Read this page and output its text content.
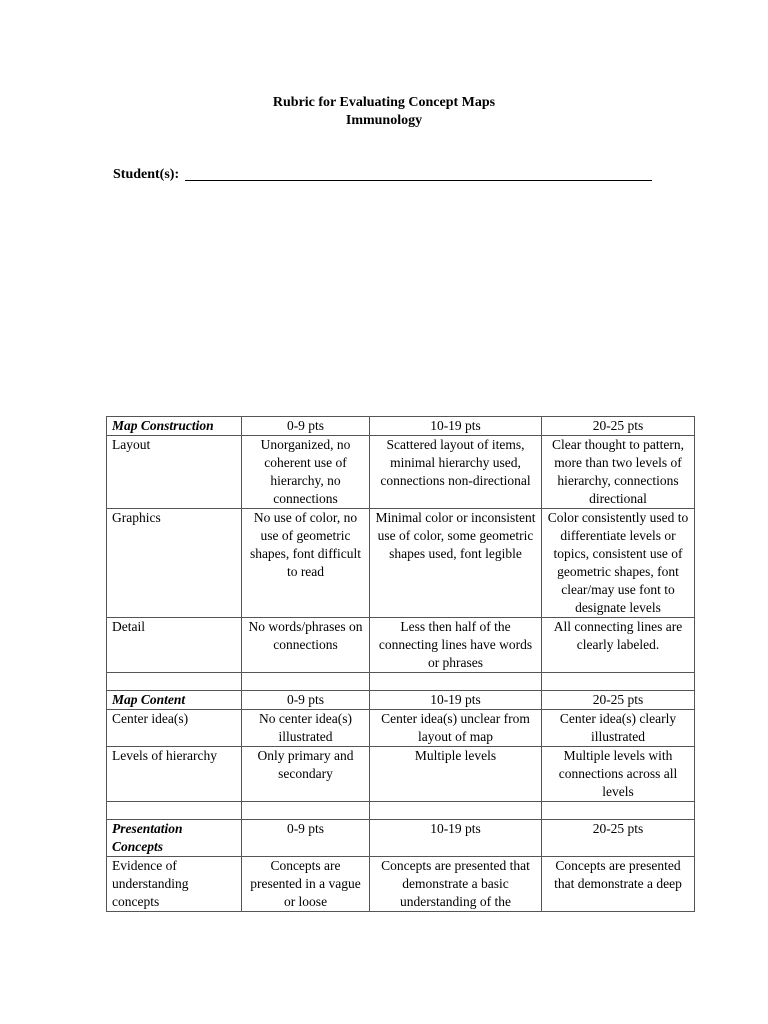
Rubric for Evaluating Concept Maps
Immunology
Student(s):
Map Construction	0-9 pts	10-19 pts	20-25 pts
Layout	Unorganized, no coherent use of hierarchy, no connections	Scattered layout of items, minimal hierarchy used, connections non-directional	Clear thought to pattern, more than two levels of hierarchy, connections directional
Graphics	No use of color, no use of geometric shapes, font difficult to read	Minimal color or inconsistent use of color, some geometric shapes used, font legible	Color consistently used to differentiate levels or topics, consistent use of geometric shapes, font clear/may use font to designate levels
Detail	No words/phrases on connections	Less then half of the connecting lines have words or phrases	All connecting lines are clearly labeled.

Map Content	0-9 pts	10-19 pts	20-25 pts
Center idea(s)	No center idea(s) illustrated	Center idea(s) unclear from layout of map	Center idea(s) clearly illustrated
Levels of hierarchy	Only primary and secondary	Multiple levels	Multiple levels with connections across all levels

Presentation Concepts	0-9 pts	10-19 pts	20-25 pts
Evidence of understanding concepts	Concepts are presented in a vague or loose	Concepts are presented that demonstrate a basic understanding of the	Concepts are presented that demonstrate a deep
